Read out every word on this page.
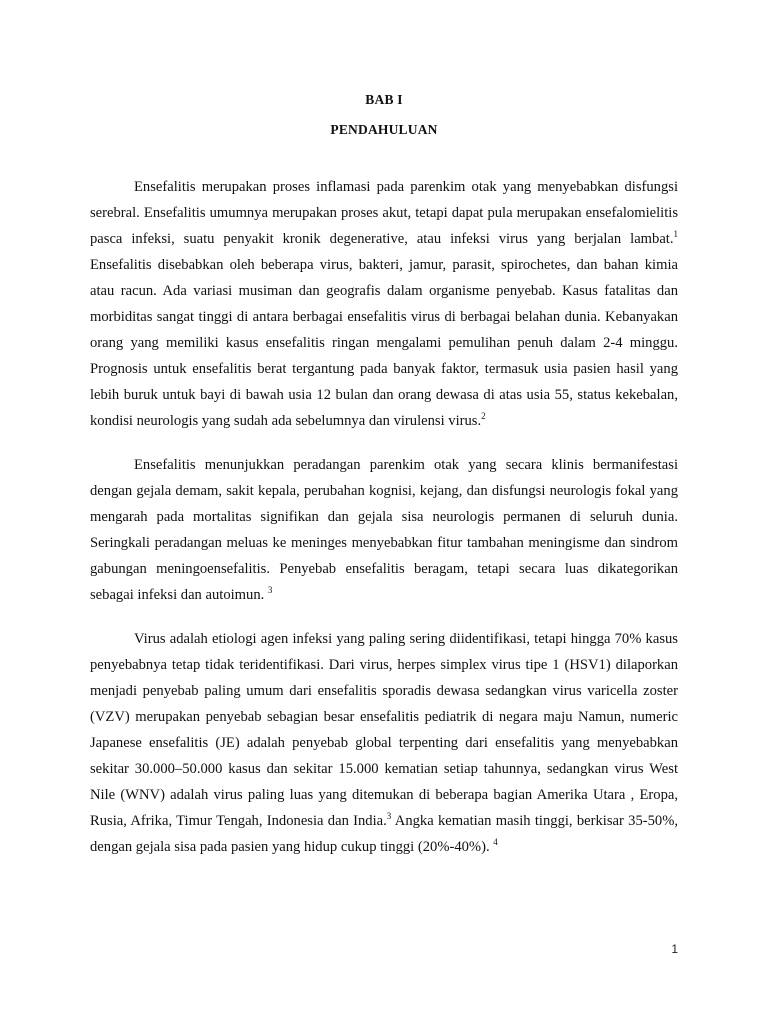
BAB I
PENDAHULUAN

Ensefalitis merupakan proses inflamasi pada parenkim otak yang menyebabkan disfungsi serebral. Ensefalitis umumnya merupakan proses akut, tetapi dapat pula merupakan ensefalomielitis pasca infeksi, suatu penyakit kronik degenerative, atau infeksi virus yang berjalan lambat.$^1$ Ensefalitis disebabkan oleh beberapa virus, bakteri, jamur, parasit, spirochetes, dan bahan kimia atau racun. Ada variasi musiman dan geografis dalam organisme penyebab. Kasus fatalitas dan morbiditas sangat tinggi di antara berbagai ensefalitis virus di berbagai belahan dunia. Kebanyakan orang yang memiliki kasus ensefalitis ringan mengalami pemulihan penuh dalam 2-4 minggu. Prognosis untuk ensefalitis berat tergantung pada banyak faktor, termasuk usia pasien hasil yang lebih buruk untuk bayi di bawah usia 12 bulan dan orang dewasa di atas usia 55, status kekebalan, kondisi neurologis yang sudah ada sebelumnya dan virulensi virus.$^2$

Ensefalitis menunjukkan peradangan parenkim otak yang secara klinis bermanifestasi dengan gejala demam, sakit kepala, perubahan kognisi, kejang, dan disfungsi neurologis fokal yang mengarah pada mortalitas signifikan dan gejala sisa neurologis permanen di seluruh dunia. Seringkali peradangan meluas ke meninges menyebabkan fitur tambahan meningisme dan sindrom gabungan meningoensefalitis. Penyebab ensefalitis beragam, tetapi secara luas dikategorikan sebagai infeksi dan autoimun. $^3$

Virus adalah etiologi agen infeksi yang paling sering diidentifikasi, tetapi hingga 70% kasus penyebabnya tetap tidak teridentifikasi. Dari virus, herpes simplex virus tipe 1 (HSV1) dilaporkan menjadi penyebab paling umum dari ensefalitis sporadis dewasa sedangkan virus varicella zoster (VZV) merupakan penyebab sebagian besar ensefalitis pediatrik di negara maju Namun, numeric Japanese ensefalitis (JE) adalah penyebab global terpenting dari ensefalitis yang menyebabkan sekitar 30.000–50.000 kasus dan sekitar 15.000 kematian setiap tahunnya, sedangkan virus West Nile (WNV) adalah virus paling luas yang ditemukan di beberapa bagian Amerika Utara , Eropa, Rusia, Afrika, Timur Tengah, Indonesia dan India.$^3$ Angka kematian masih tinggi, berkisar 35-50%, dengan gejala sisa pada pasien yang hidup cukup tinggi (20%-40%). $^4$

1
